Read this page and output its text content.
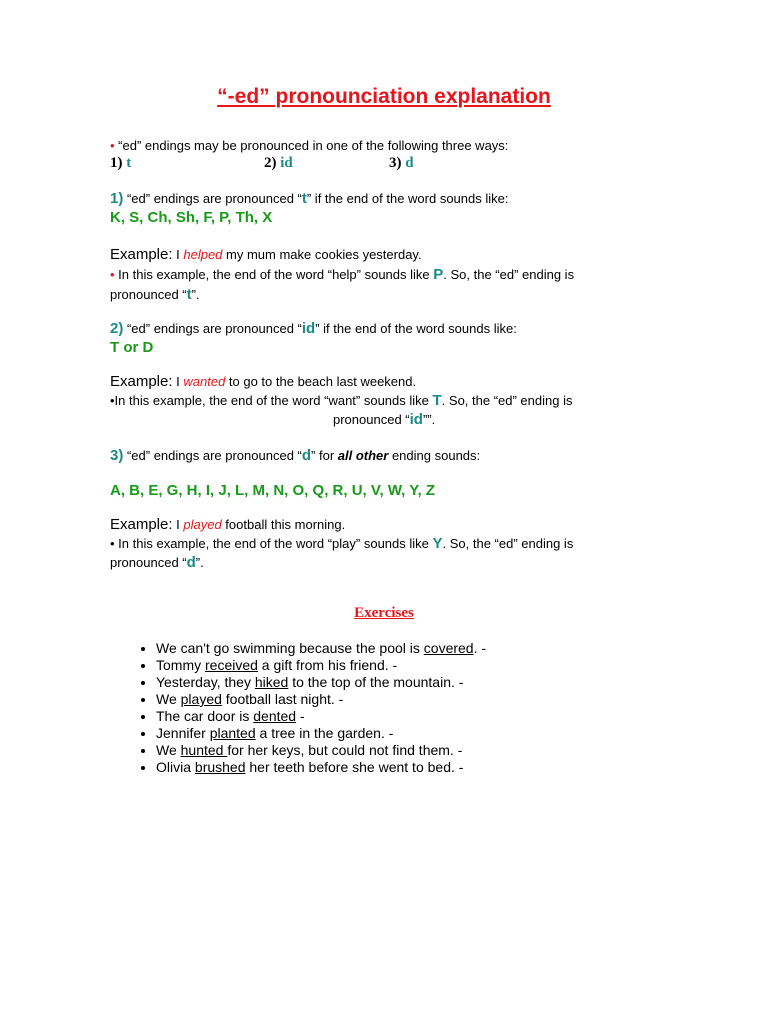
“-ed” pronounciation explanation
• “ed” endings may be pronounced in one of the following three ways:
1) t	2) id	3) d
1) “ed” endings are pronounced “t” if the end of the word sounds like:
K, S, Ch, Sh, F, P, Th, X
Example: I helped my mum make cookies yesterday.
• In this example, the end of the word “help” sounds like P. So, the “ed” ending is
pronounced “t”.
2) “ed” endings are pronounced “id” if the end of the word sounds like:
T or D
Example: I wanted to go to the beach last weekend.
•In this example, the end of the word “want” sounds like T. So, the “ed” ending is
pronounced “id””.
3) “ed” endings are pronounced “d” for all other ending sounds:
A, B, E, G, H, I, J, L, M, N, O, Q, R, U, V, W, Y, Z
Example: I played football this morning.
• In this example, the end of the word “play” sounds like Y. So, the “ed” ending is
pronounced “d”.
Exercises
• We can't go swimming because the pool is covered. -
• Tommy received a gift from his friend. -
• Yesterday, they hiked to the top of the mountain. -
• We played football last night. -
• The car door is dented -
• Jennifer planted a tree in the garden. -
• We hunted for her keys, but could not find them. -
• Olivia brushed her teeth before she went to bed. -
